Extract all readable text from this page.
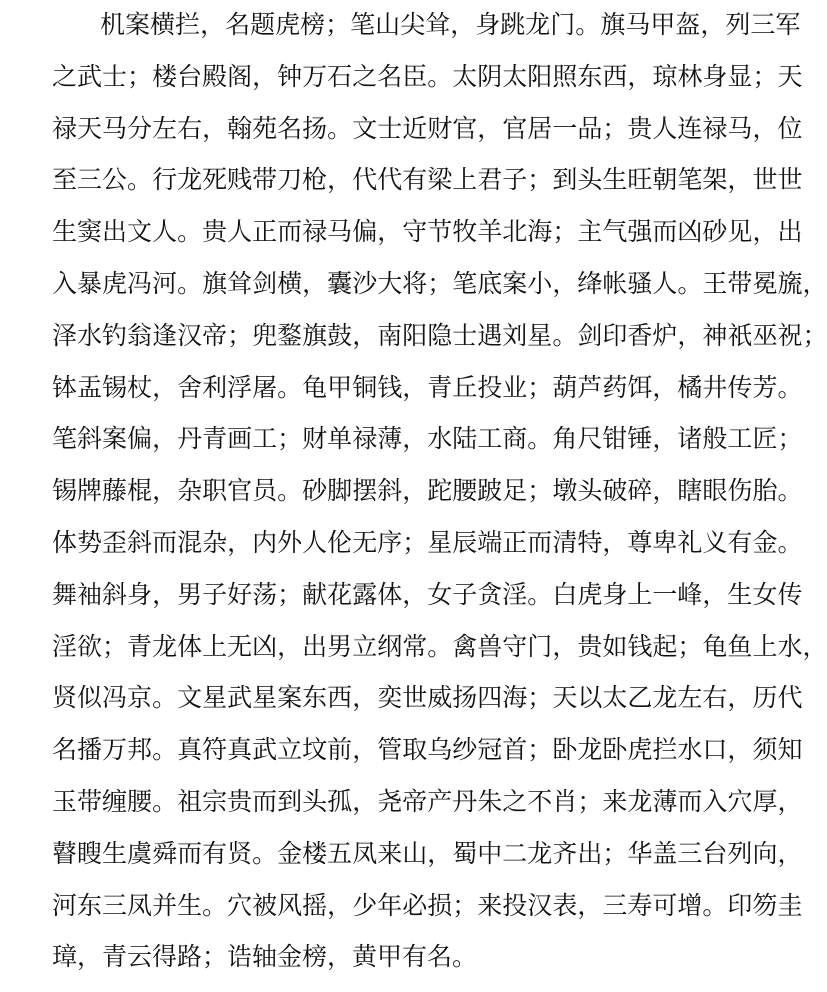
机 案 横 拦 ， 名 题 虎 榜 ； 笔 山 尖 耸 ， 身 跳 龙 门 。 旗 马 甲 盔 ， 列 三 军
之 武 士 ； 楼 台 殿 阁 ， 钟 万 石 之 名 臣 。 太 阴 太 阳 照 东 西 ， 琼 林 身 显 ； 天
禄 天 马 分 左 右 ， 翰 苑 名 扬 。 文 士 近 财 官 ， 官 居 一 品 ； 贵 人 连 禄 马 ， 位
至 三 公 。 行 龙 死 贱 带 刀 枪 ， 代 代 有 梁 上 君 子 ； 到 头 生 旺 朝 笔 架 ， 世 世
生 窦 出 文 人 。 贵 人 正 而 禄 马 偏 ， 守 节 牧 羊 北 海 ； 主 气 强 而 凶 砂 见 ， 出
入 暴 虎 冯 河 。 旗 耸 剑 横 ， 囊 沙 大 将 ； 笔 底 案 小 ， 绛 帐 骚 人 。 王 带 冕 旒 ，
泽 水 钓 翁 逢 汉 帝 ； 兜 鍪 旗 鼓 ， 南 阳 隐 士 遇 刘 星 。 剑 印 香 炉 ， 神 祇 巫 祝 ；
钵 盂 锡 杖 ， 舍 利 浮 屠 。 龟 甲 铜 钱 ， 青 丘 投 业 ； 葫 芦 药 饵 ， 橘 井 传 芳 。
笔 斜 案 偏 ， 丹 青 画 工 ； 财 单 禄 薄 ， 水 陆 工 商 。 角 尺 钳 锤 ， 诸 般 工 匠 ；
锡 牌 藤 棍 ， 杂 职 官 员 。 砂 脚 摆 斜 ， 跎 腰 跛 足 ； 墩 头 破 碎 ， 瞎 眼 伤 胎 。
体 势 歪 斜 而 混 杂 ， 内 外 人 伦 无 序 ； 星 辰 端 正 而 清 特 ， 尊 卑 礼 义 有 金 。
舞 袖 斜 身 ， 男 子 好 荡 ； 献 花 露 体 ， 女 子 贪 淫 。 白 虎 身 上 一 峰 ， 生 女 传
淫 欲 ； 青 龙 体 上 无 凶 ， 出 男 立 纲 常 。 禽 兽 守 门 ， 贵 如 钱 起 ； 龟 鱼 上 水 ，
贤 似 冯 京 。 文 星 武 星 案 东 西 ， 奕 世 威 扬 四 海 ； 天 以 太 乙 龙 左 右 ， 历 代
名 播 万 邦 。 真 符 真 武 立 坟 前 ， 管 取 乌 纱 冠 首 ； 卧 龙 卧 虎 拦 水 口 ， 须 知
玉 带 缠 腰 。 祖 宗 贵 而 到 头 孤 ， 尧 帝 产 丹 朱 之 不 肖 ； 来 龙 薄 而 入 穴 厚 ，
瞽 瞍 生 虞 舜 而 有 贤 。 金 楼 五 凤 来 山 ， 蜀 中 二 龙 齐 出 ； 华 盖 三 台 列 向 ，
河 东 三 凤 并 生 。 穴 被 风 摇 ， 少 年 必 损 ； 来 投 汉 表 ， 三 寿 可 增 。 印 笏 圭
璋，青云得路；诰轴金榜，黄甲有名。
